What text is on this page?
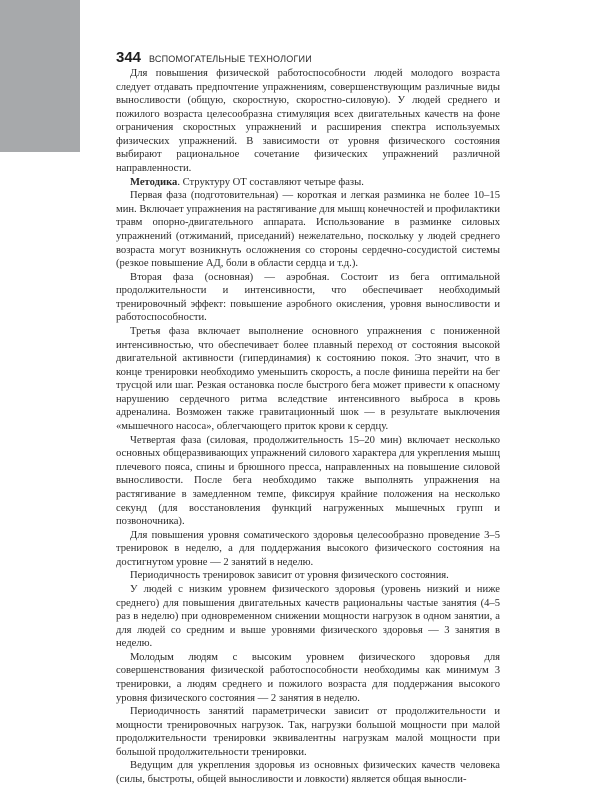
РАЗДЕЛ V 344 ВСПОМОГАТЕЛЬНЫЕ ТЕХНОЛОГИИ

Для повышения физической работоспособности людей молодого возраста следует отдавать предпочтение упражнениям, совершенствующим различные виды выносливости (общую, скоростную, скоростно-силовую). У людей среднего и пожилого возраста целесообразна стимуляция всех двигательных качеств на фоне ограничения скоростных упражнений и расширения спектра используемых физических упражнений. В зависимости от уровня физического состояния выбирают рациональное сочетание физических упражнений различной направленности.

Методика. Структуру ОТ составляют четыре фазы.

Первая фаза (подготовительная) — короткая и легкая разминка не более 10–15 мин. Включает упражнения на растягивание для мышц конечностей и профилактики травм опорно-двигательного аппарата. Использование в разминке силовых упражнений (отжиманий, приседаний) нежелательно, поскольку у людей среднего возраста могут возникнуть осложнения со стороны сердечно-сосудистой системы (резкое повышение АД, боли в области сердца и т.д.).

Вторая фаза (основная) — аэробная. Состоит из бега оптимальной продолжительности и интенсивности, что обеспечивает необходимый тренировочный эффект: повышение аэробного окисления, уровня выносливости и работоспособности.

Третья фаза включает выполнение основного упражнения с пониженной интенсивностью, что обеспечивает более плавный переход от состояния высокой двигательной активности (гипердинамия) к состоянию покоя. Это значит, что в конце тренировки необходимо уменьшить скорость, а после финиша перейти на бег трусцой или шаг. Резкая остановка после быстрого бега может привести к опасному нарушению сердечного ритма вследствие интенсивного выброса в кровь адреналина. Возможен также гравитационный шок — в результате выключения «мышечного насоса», облегчающего приток крови к сердцу.

Четвертая фаза (силовая, продолжительность 15–20 мин) включает несколько основных общеразвивающих упражнений силового характера для укрепления мышц плечевого пояса, спины и брюшного пресса, направленных на повышение силовой выносливости. После бега необходимо также выполнять упражнения на растягивание в замедленном темпе, фиксируя крайние положения на несколько секунд (для восстановления функций нагруженных мышечных групп и позвоночника).

Для повышения уровня соматического здоровья целесообразно проведение 3–5 тренировок в неделю, а для поддержания высокого физического состояния на достигнутом уровне — 2 занятий в неделю.

Периодичность тренировок зависит от уровня физического состояния.

У людей с низким уровнем физического здоровья (уровень низкий и ниже среднего) для повышения двигательных качеств рациональны частые занятия (4–5 раз в неделю) при одновременном снижении мощности нагрузок в одном занятии, а для людей со средним и выше уровнями физического здоровья — 3 занятия в неделю.

Молодым людям с высоким уровнем физического здоровья для совершенствования физической работоспособности необходимы как минимум 3 тренировки, а людям среднего и пожилого возраста для поддержания высокого уровня физического состояния — 2 занятия в неделю.

Периодичность занятий параметрически зависит от продолжительности и мощности тренировочных нагрузок. Так, нагрузки большой мощности при малой продолжительности тренировки эквивалентны нагрузкам малой мощности при большой продолжительности тренировки.

Ведущим для укрепления здоровья из основных физических качеств человека (силы, быстроты, общей выносливости и ловкости) является общая выносли-
